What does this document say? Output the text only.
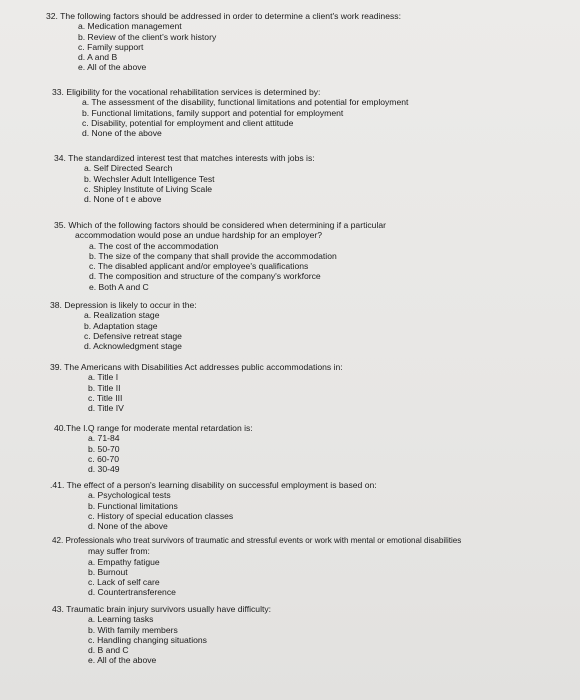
32. The following factors should be addressed in order to determine a client's work readiness:
a. Medication management
b. Review of the client's work history
c. Family support
d. A and B
e. All of the above
33. Eligibility for the vocational rehabilitation services is determined by:
a. The assessment of the disability, functional limitations and potential for employment
b. Functional limitations, family support and potential for employment
c. Disability, potential for employment and client attitude
d. None of the above
34. The standardized interest test that matches interests with jobs is:
a. Self Directed Search
b. Wechsler Adult Intelligence Test
c. Shipley Institute of Living Scale
d. None of t e above
35. Which of the following factors should be considered when determining if a particular
accommodation would pose an undue hardship for an employer?
a. The cost of the accommodation
b. The size of the company that shall provide the accommodation
c. The disabled applicant and/or employee's qualifications
d. The composition and structure of the company's workforce
e. Both A and C
38. Depression is likely to occur in the:
a. Realization stage
b. Adaptation stage
c. Defensive retreat stage
d. Acknowledgment stage
39. The Americans with Disabilities Act addresses public accommodations in:
a. Title I
b. Title II
c. Title III
d. Title IV
40.The I.Q range for moderate mental retardation is:
a. 71-84
b. 50-70
c. 60-70
d. 30-49
.41. The effect of a person's learning disability on successful employment is based on:
a. Psychological tests
b. Functional limitations
c. History of special education classes
d. None of the above
42. Professionals who treat survivors of traumatic and stressful events or work with mental or emotional disabilities
may suffer from:
a. Empathy fatigue
b. Burnout
c. Lack of self care
d. Countertransference
43. Traumatic brain injury survivors usually have difficulty:
a. Learning tasks
b. With family members
c. Handling changing situations
d. B and C
e. All of the above
